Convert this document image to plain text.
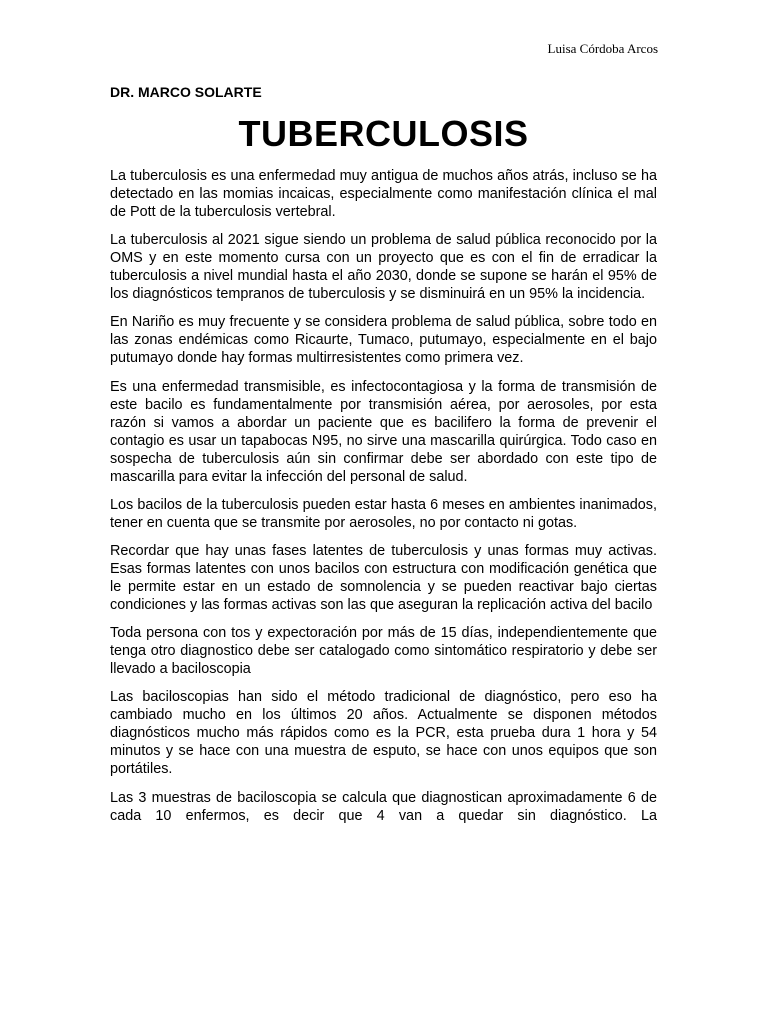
Luisa Córdoba Arcos
DR. MARCO SOLARTE
TUBERCULOSIS

La tuberculosis es una enfermedad muy antigua de muchos años atrás, incluso se ha detectado en las momias incaicas, especialmente como manifestación clínica el mal de Pott de la tuberculosis vertebral.

La tuberculosis al 2021 sigue siendo un problema de salud pública reconocido por la OMS y en este momento cursa con un proyecto que es con el fin de erradicar la tuberculosis a nivel mundial hasta el año 2030, donde se supone se harán el 95% de los diagnósticos tempranos de tuberculosis y se disminuirá en un 95% la incidencia.

En Nariño es muy frecuente y se considera problema de salud pública, sobre todo en las zonas endémicas como Ricaurte, Tumaco, putumayo, especialmente en el bajo putumayo donde hay formas multirresistentes como primera vez.

Es una enfermedad transmisible, es infectocontagiosa y la forma de transmisión de este bacilo es fundamentalmente por transmisión aérea, por aerosoles, por esta razón si vamos a abordar un paciente que es bacilifero la forma de prevenir el contagio es usar un tapabocas N95, no sirve una mascarilla quirúrgica. Todo caso en sospecha de tuberculosis aún sin confirmar debe ser abordado con este tipo de mascarilla para evitar la infección del personal de salud.

Los bacilos de la tuberculosis pueden estar hasta 6 meses en ambientes inanimados, tener en cuenta que se transmite por aerosoles, no por contacto ni gotas.

Recordar que hay unas fases latentes de tuberculosis y unas formas muy activas. Esas formas latentes con unos bacilos con estructura con modificación genética que le permite estar en un estado de somnolencia y se pueden reactivar bajo ciertas condiciones y las formas activas son las que aseguran la replicación activa del bacilo

Toda persona con tos y expectoración por más de 15 días, independientemente que tenga otro diagnostico debe ser catalogado como sintomático respiratorio y debe ser llevado a baciloscopia

Las baciloscopias han sido el método tradicional de diagnóstico, pero eso ha cambiado mucho en los últimos 20 años. Actualmente se disponen métodos diagnósticos mucho más rápidos como es la PCR, esta prueba dura 1 hora y 54 minutos y se hace con una muestra de esputo, se hace con unos equipos que son portátiles.

Las 3 muestras de baciloscopia se calcula que diagnostican aproximadamente 6 de cada 10 enfermos, es decir que 4 van a quedar sin diagnóstico. La
